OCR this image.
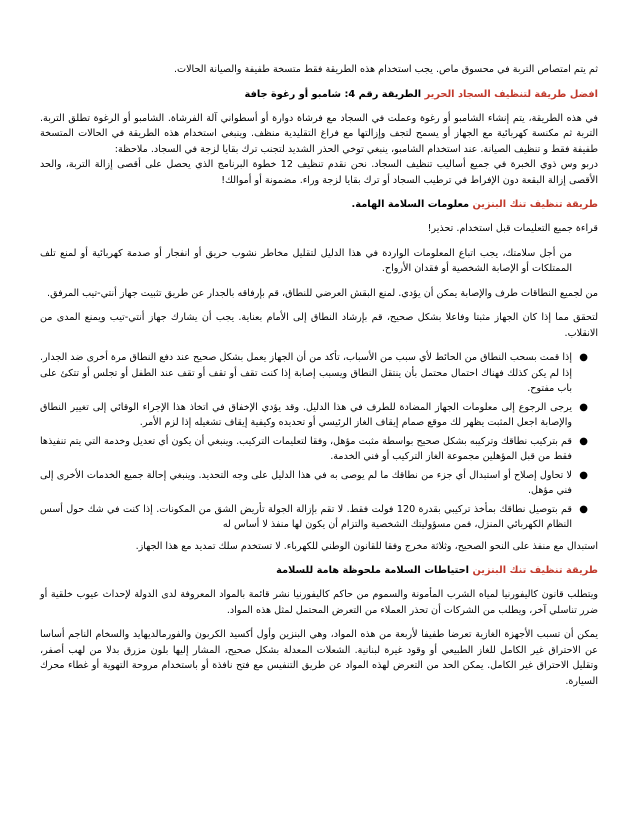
ثم يتم امتصاص التربة في محسوق ماص. يجب استخدام هذه الطريقة فقط متسخة طفيفة والصيانة الحالات.

افضل طريقة لتنظيف السجاد الحرير الطريقة رقم 4: شامبو أو رغوة جافة

في هذه الطريقة، يتم إنشاء الشامبو أو رغوة وعملت في السجاد مع فرشاة دوارة أو أسطواني آلة الفرشاة. الشامبو أو الرغوة تطلق التربة. التربة ثم مكنسة كهربائية مع الجهاز أو يسمح لتجف وإزالتها مع فراغ التقليدية منظف. وينبغي استخدام هذه الطريقة في الحالات المتسخة طفيفة فقط و تنظيف الصيانة. عند استخدام الشامبو، ينبغي توخي الحذر الشديد لتجنب ترك بقايا لزجة في السجاد. ملاحظة:

دربو وس ذوي الخبرة في جميع أساليب تنظيف السجاد. نحن نقدم تنظيف 12 خطوة البرنامج الذي يحصل على أقصى إزالة التربة، والحد الأقصى إزالة البقعة دون الإفراط في ترطيب السجاد أو ترك بقايا لزجة وراء. مضمونة أو أموالك!

طريقة تنظيف تنك البنزين معلومات السلامة الهامة.

قراءة جميع التعليمات قبل استخدام. تحذير!

من أجل سلامتك، يجب اتباع المعلومات الواردة في هذا الدليل لتقليل مخاطر نشوب حريق أو انفجار أو صدمة كهربائية أو لمنع تلف الممتلكات أو الإصابة الشخصية أو فقدان الأرواح.

من لجميع النطاقات طرف والإصابة يمكن أن يؤدي. لمنع البقش العرضي للنطاق، قم بإرفاقه بالجدار عن طريق تثبيت جهاز أنتي-تيب المرفق.

لتحقق مما إذا كان الجهاز مثبتا وفاعلا بشكل صحيح، قم بإرشاد النطاق إلى الأمام بعناية. يجب أن يشارك جهاز أنتي-تيب ويمنع المدى من الانقلاب.

●
إذا قمت بسحب النطاق من الحائط لأي سبب من الأسباب، تأكد من أن الجهاز يعمل بشكل صحيح عند دفع النطاق مرة أخرى ضد الجدار. إذا لم يكن كذلك فهناك احتمال محتمل بأن ينتقل النطاق ويسبب إصابة إذا كنت تقف أو تقف أو تقف عند الطفل أو تجلس أو تتكئ على باب مفتوح.
●
يرجى الرجوع إلى معلومات الجهاز المضادة للطرف في هذا الدليل. وقد يؤدي الإخفاق في اتخاذ هذا الإجراء الوقائي إلى تغيير النطاق والإصابة اجعل المثبت يظهر لك موقع صمام إيقاف الغاز الرئيسي أو تحديده وكيفية إيقاف تشغيله إذا لزم الأمر.
●
قم بتركيب نطاقك وتركيبه بشكل صحيح بواسطة مثبت مؤهل، وفقا لتعليمات التركيب. وينبغي أن يكون أي تعديل وخدمة التي يتم تنفيذها فقط من قبل المؤهلين مجموعة الغاز التركيب أو فني الخدمة.
●
لا تحاول إصلاح أو استبدال أي جزء من نطاقك ما لم يوصى به في هذا الدليل على وجه التحديد. وينبغي إحالة جميع الخدمات الأخرى إلى فني مؤهل.
●
قم بتوصيل نطاقك بمأخذ تركيبي بقدرة 120 فولت فقط. لا تقم بإزالة الجولة تأريض الشق من المكونات. إذا كنت في شك حول أسس النظام الكهربائي المنزل، فمن مسؤوليتك الشخصية والتزام أن يكون لها منفذ لا أساس له

استبدال مع منفذ على النحو الصحيح، وثلاثة مخرج وفقا للقانون الوطني للكهرباء. لا تستخدم سلك تمديد مع هذا الجهاز.

طريقة تنظيف تنك البنزين احتياطات السلامة ملحوظة هامة للسلامة

ويتطلب قانون كاليفورنيا لمياه الشرب المأمونة والسموم من حاكم كاليفورنيا نشر قائمة بالمواد المعروفة لدى الدولة لإحداث عيوب خلقية أو ضرر تناسلي آخر، ويطلب من الشركات أن تحذر العملاء من التعرض المحتمل لمثل هذه المواد.

يمكن أن تسبب الأجهزة الغازية تعرضا طفيفا لأربعة من هذه المواد، وهي البنزين وأول أكسيد الكربون والفورمالديهايد والسخام الناجم أساسا عن الاحتراق غير الكامل للغاز الطبيعي أو وقود غيرة لبنانية. الشعلات المعدلة بشكل صحيح، المشار إليها بلون مزرق بدلا من لهب أصفر، وتقليل الاحتراق غير الكامل. يمكن الحد من التعرض لهذه المواد عن طريق التنفيس مع فتح نافذة أو باستخدام مروحة التهوية أو غطاء محرك السيارة.
